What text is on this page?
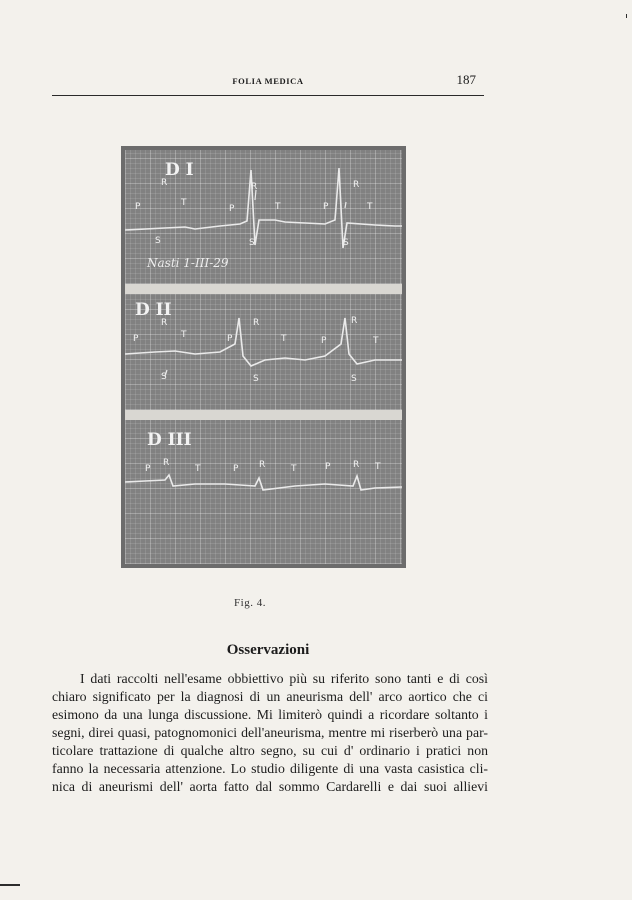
FOLIA MEDICA	187
D I
Nasti 1-III-29
R	R	R
P	T
P	T	P	T
S	S	S
D II
R	R	R
P	T	P	T	P	T
S	S	S
D III
P
R
T	P R	T	P	R T
Fig. 4.
Osservazioni
I dati raccolti nell'esame obbiettivo più su riferito sono tanti e di così
chiaro significato per la diagnosi di un aneurisma dell' arco aortico che ci
esimono da una lunga discussione. Mi limiterò quindi a ricordare soltanto i
segni, direi quasi, patognomonici dell'aneurisma, mentre mi riserberò una par-
ticolare trattazione di qualche altro segno, su cui d' ordinario i pratici non
fanno la necessaria attenzione. Lo studio diligente di una vasta casistica cli-
nica di aneurismi dell' aorta fatto dal sommo Cardarelli e dai suoi allievi
